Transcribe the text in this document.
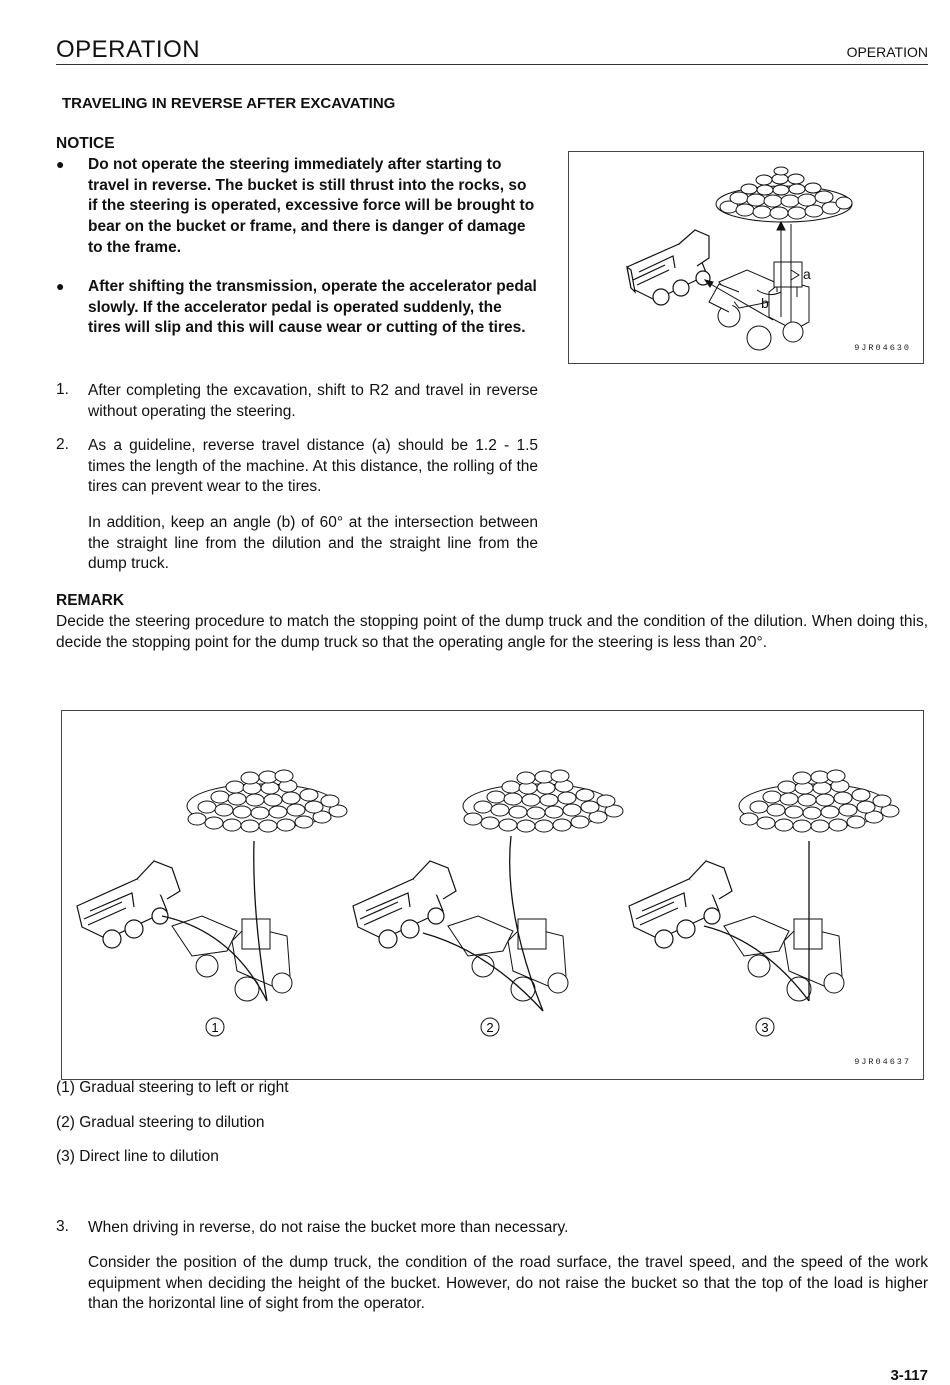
OPERATION	OPERATION
TRAVELING IN REVERSE AFTER EXCAVATING
NOTICE
● Do not operate the steering immediately after starting to travel in reverse. The bucket is still thrust into the rocks, so if the steering is operated, excessive force will be brought to bear on the bucket or frame, and there is danger of damage to the frame.
● After shifting the transmission, operate the accelerator pedal slowly. If the accelerator pedal is operated suddenly, the tires will slip and this will cause wear or cutting of the tires.
a
b
9JR04630
1. After completing the excavation, shift to R2 and travel in reverse without operating the steering.
2. As a guideline, reverse travel distance (a) should be 1.2 - 1.5 times the length of the machine. At this distance, the rolling of the tires can prevent wear to the tires.
In addition, keep an angle (b) of 60° at the intersection between the straight line from the dilution and the straight line from the dump truck.
REMARK
Decide the steering procedure to match the stopping point of the dump truck and the condition of the dilution. When doing this, decide the stopping point for the dump truck so that the operating angle for the steering is less than 20°.
1	2	3
9JR04637
(1) Gradual steering to left or right
(2) Gradual steering to dilution
(3) Direct line to dilution
3. When driving in reverse, do not raise the bucket more than necessary.
Consider the position of the dump truck, the condition of the road surface, the travel speed, and the speed of the work equipment when deciding the height of the bucket. However, do not raise the bucket so that the top of the load is higher than the horizontal line of sight from the operator.
3-117
